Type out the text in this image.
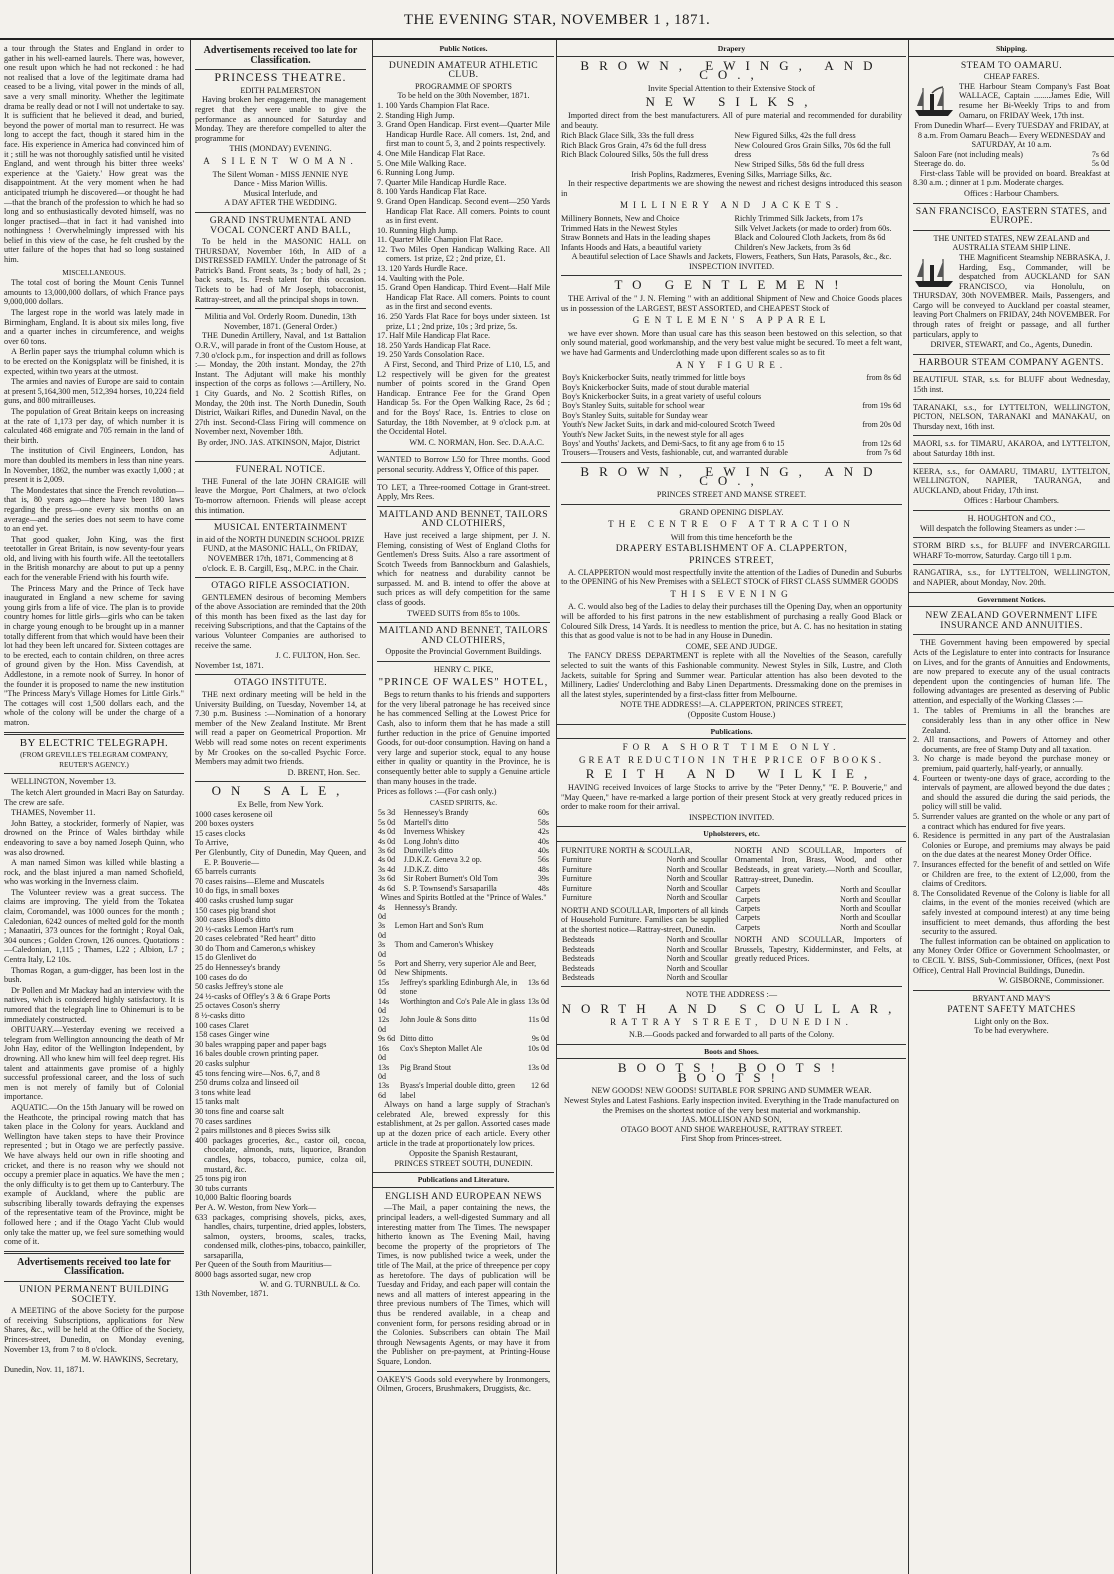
THE EVENING STAR, NOVEMBER 1 , 1871.

a tour through the States and England in order to gather in his well-earned laurels. There was, however, one result upon which he had not reckoned : he had not realised that a love of the legitimate drama had ceased to be a living, vital power in the minds of all, save a very small minority. Whether the legitimate drama be really dead or not I will not undertake to say. It is sufficient that he believed it dead, and buried, beyond the power of mortal man to resurrect. He was long to accept the fact, though it stared him in the face. His experience in America had convinced him of it ; still he was not thoroughly satisfied until he visited England, and went through his bitter three weeks' experience at the 'Gaiety.' How great was the disappointment. At the very moment when he had anticipated triumph he discovered—or thought he had—that the branch of the profession to which he had so long and so enthusiastically devoted himself, was no longer practised—that in fact it had vanished into nothingness ! Overwhelmingly impressed with his belief in this view of the case, he felt crushed by the utter failure of the hopes that had so long sustained him.

MISCELLANEOUS.

The total cost of boring the Mount Cenis Tunnel amounts to 13,000,000 dollars, of which France pays 9,000,000 dollars.

The largest rope in the world was lately made in Birmingham, England. It is about six miles long, five and a quarter inches in circumference, and weighs over 60 tons.

A Berlin paper says the triumphal column which is to be erected on the Konigsplatz will be finished, it is expected, within two years at the utmost.

The armies and navies of Europe are said to contain at present 5,164,300 men, 512,394 horses, 10,224 field guns, and 800 mitrailleuses.

The population of Great Britain keeps on increasing at the rate of 1,173 per day, of which number it is calculated 468 emigrate and 705 remain in the land of their birth.

The institution of Civil Engineers, London, has more than doubled its members in less than nine years. In November, 1862, the number was exactly 1,000 ; at present it is 2,009.

The Mondestates that since the French revolution—that is, 80 years ago—there have been 180 laws regarding the press—one every six months on an average—and the series does not seem to have come to an end yet.

That good quaker, John King, was the first teetotaller in Great Britain, is now seventy-four years old, and living with his fourth wife. All the teetotallers in the British monarchy are about to put up a penny each for the venerable Friend with his fourth wife.

The Princess Mary and the Prince of Teck have inaugurated in England a new scheme for saving young girls from a life of vice. The plan is to provide country homes for little girls—girls who can be taken in charge young enough to be brought up in a manner totally different from that which would have been their lot had they been left uncared for. Sixteen cottages are to be erected, each to contain children, on three acres of ground given by the Hon. Miss Cavendish, at Addlestone, in a remote nook of Surrey. In honor of the founder it is proposed to name the new institution "The Princess Mary's Village Homes for Little Girls." The cottages will cost 1,500 dollars each, and the whole of the colony will be under the charge of a matron.

BY ELECTRIC TELEGRAPH.

(FROM GREVILLE'S TELEGRAM COMPANY, REUTER'S AGENCY.)

WELLINGTON, November 13.

The ketch Alert grounded in Macri Bay on Saturday. The crew are safe.

THAMES, November 11.

John Battey, a stockrider, formerly of Napier, was drowned on the Prince of Wales birthday while endeavoring to save a boy named Joseph Quinn, who was also drowned.

A man named Simon was killed while blasting a rock, and the blast injured a man named Schofield, who was working in the Inverness claim.

The Volunteer review was a great success. The claims are improving. The yield from the Tokatea claim, Coromandel, was 1000 ounces for the month ; Caledonian, 6242 ounces of melted gold for the month ; Manaatiri, 373 ounces for the fortnight ; Royal Oak, 304 ounces ; Golden Crown, 126 ounces. Quotations :—Caledonian, 1,115 ; Thames, L22 ; Albion, L7 ; Centra Italy, L2 10s.

Thomas Rogan, a gum-digger, has been lost in the bush.

Dr Pollen and Mr Mackay had an interview with the natives, which is considered highly satisfactory. It is rumored that the telegraph line to Ohinemuri is to be immediately constructed.

OBITUARY.—Yesterday evening we received a telegram from Wellington announcing the death of Mr John Hay, editor of the Wellington Independent, by drowning. All who knew him will feel deep regret. His talent and attainments gave promise of a highly successful professional career, and the loss of such men is not merely of family but of Colonial importance.

AQUATIC.—On the 15th January will be rowed on the Heathcote, the principal rowing match that has taken place in the Colony for years. Auckland and Wellington have taken steps to have their Province represented ; but in Otago we are perfectly passive. We have always held our own in rifle shooting and cricket, and there is no reason why we should not occupy a premier place in aquatics. We have the men ; the only difficulty is to get them up to Canterbury. The example of Auckland, where the public are subscribing liberally towards defraying the expenses of the representative team of the Province, might be followed here ; and if the Otago Yacht Club would only take the matter up, we feel sure something would come of it.

Advertisements received too late for Classification.

UNION PERMANENT BUILDING SOCIETY.

A MEETING of the above Society for the purpose of receiving Subscriptions, applications for New Shares, &c., will be held at the Office of the Society, Princes-street, Dunedin, on Monday evening, November 13, from 7 to 8 o'clock.

M. W. HAWKINS, Secretary,

Dunedin, Nov. 11, 1871.

Advertisements received too late for Classification.

PRINCESS THEATRE.

EDITH PALMERSTON

Having broken her engagement, the management regret that they were unable to give the performance as announced for Saturday and Monday. They are therefore compelled to alter the programme for

THIS (MONDAY) EVENING.

A SILENT WOMAN.

The Silent Woman - MISS JENNIE NYE

Dance - Miss Marion Willis.

Musical Interlude, and

A DAY AFTER THE WEDDING.

GRAND INSTRUMENTAL AND VOCAL CONCERT AND BALL,

To be held in the MASONIC HALL on THURSDAY, November 16th, In AID of a DISTRESSED FAMILY. Under the patronage of St Patrick's Band. Front seats, 3s ; body of hall, 2s ; back seats, 1s. Fresh talent for this occasion. Tickets to be had of Mr Joseph, tobacconist, Rattray-street, and all the principal shops in town.

Militia and Vol. Orderly Room. Dunedin, 13th November, 1871. (General Order.)

THE Dunedin Artillery, Naval, and 1st Battalion O.R.V., will parade in front of the Custom House, at 7.30 o'clock p.m., for inspection and drill as follows :— Monday, the 20th instant. Monday, the 27th Instant. The Adjutant will make his monthly inspection of the corps as follows :—Artillery, No. 1 City Guards, and No. 2 Scottish Rifles, on Monday, the 20th inst. The North Dunedin, South District, Waikari Rifles, and Dunedin Naval, on the 27th inst. Second-Class Firing will commence on November next, November 18th.

By order, JNO. JAS. ATKINSON, Major, District Adjutant.

FUNERAL NOTICE.

THE Funeral of the late JOHN CRAIGIE will leave the Morgue, Port Chalmers, at two o'clock To-morrow afternoon. Friends will please accept this intimation.

MUSICAL ENTERTAINMENT

in aid of the NORTH DUNEDIN SCHOOL PRIZE FUND, at the MASONIC HALL, On FRIDAY, NOVEMBER 17th, 1871, Commencing at 8 o'clock. E. B. Cargill, Esq., M.P.C. in the Chair.

OTAGO RIFLE ASSOCIATION.

GENTLEMEN desirous of becoming Members of the above Association are reminded that the 20th of this month has been fixed as the last day for receiving Subscriptions, and that the Captains of the various Volunteer Companies are authorised to receive the same.

J. C. FULTON, Hon. Sec.

November 1st, 1871.

OTAGO INSTITUTE.

THE next ordinary meeting will be held in the University Building, on Tuesday, November 14, at 7.30 p.m. Business :—Nomination of a honorary member of the New Zealand Institute. Mr Brent will read a paper on Geometrical Proportion. Mr Webb will read some notes on recent experiments by Mr Crookes on the so-called Psychic Force. Members may admit two friends.

D. BRENT, Hon. Sec.

ON SALE,

Ex Belle, from New York.

1000 cases kerosene oil

200 boxes oysters

15 cases clocks

To Arrive,

Per Glenbuntly, City of Dunedin, May Queen, and E. P. Bouverie—

65 barrels currants

70 cases raisins—Eleme and Muscatels

10 do figs, in small boxes

400 casks crushed lump sugar

150 cases pig brand shot

300 cases Blood's ditto

20 ½-casks Lemon Hart's rum

20 cases celebrated "Red heart" ditto

30 do Thom and Cameron,s whiskey

15 do Glenlivet do

25 do Hennessey's brandy

100 cases do do

50 casks Jeffrey's stone ale

24 ½-casks of Offley's 3 & 6 Grape Ports

25 octaves Coson's sherry

8 ½-casks ditto

100 cases Claret

158 cases Ginger wine

30 bales wrapping paper and paper bags

16 bales double crown printing paper.

20 casks sulphur

45 tons fencing wire—Nos. 6,7, and 8

250 drums colza and linseed oil

3 tons white lead

15 tanks malt

30 tons fine and coarse salt

70 cases sardines

2 pairs millstones and 8 pieces Swiss silk

400 packages groceries, &c., castor oil, cocoa, chocolate, almonds, nuts, liquorice, Brandon candles, hops, tobacco, pumice, colza oil, mustard, &c.

25 tons pig iron

30 tubs currants

10,000 Baltic flooring boards

Per A. W. Weston, from New York—

633 packages, comprising shovels, picks, axes, handles, chairs, turpentine, dried apples, lobsters, salmon, oysters, brooms, scales, tracks, condensed milk, clothes-pins, tobacco, painkiller, sarsaparilla,

Per Queen of the South from Mauritius—

8000 bags assorted sugar, new crop

W. and G. TURNBULL & Co.

13th November, 1871.

Public Notices.

DUNEDIN AMATEUR ATHLETIC CLUB.

PROGRAMME OF SPORTS

To be held on the 30th November, 1871.

1. 100 Yards Champion Flat Race.

2. Standing High Jump.

3. Grand Open Handicap. First event—Quarter Mile Handicap Hurdle Race. All comers. 1st, 2nd, and first man to count 5, 3, and 2 points respectively.

4. One Mile Handicap Flat Race.

5. One Mile Walking Race.

6. Running Long Jump.

7. Quarter Mile Handicap Hurdle Race.

8. 100 Yards Handicap Flat Race.

9. Grand Open Handicap. Second event—250 Yards Handicap Flat Race. All comers. Points to count as in first event.

10. Running High Jump.

11. Quarter Mile Champion Flat Race.

12. Two Miles Open Handicap Walking Race. All comers. 1st prize, £2 ; 2nd prize, £1.

13. 120 Yards Hurdle Race.

14. Vaulting with the Pole.

15. Grand Open Handicap. Third Event—Half Mile Handicap Flat Race. All comers. Points to count as in the first and second events.

16. 250 Yards Flat Race for boys under sixteen. 1st prize, L1 ; 2nd prize, 10s ; 3rd prize, 5s.

17. Half Mile Handicap Flat Race.

18. 250 Yards Handicap Flat Race.

19. 250 Yards Consolation Race.

A First, Second, and Third Prize of L10, L5, and L2 respectively will be given for the greatest number of points scored in the Grand Open Handicap. Entrance Fee for the Grand Open Handicap 5s. For the Open Walking Race, 2s 6d ; and for the Boys' Race, 1s. Entries to close on Saturday, the 18th November, at 9 o'clock p.m. at the Occidental Hotel.

WM. C. NORMAN, Hon. Sec. D.A.A.C.

WANTED to Borrow L50 for Three months. Good personal security. Address Y, Office of this paper.

TO LET, a Three-roomed Cottage in Grant-street. Apply, Mrs Rees.

MAITLAND AND BENNET, TAILORS AND CLOTHIERS,

Have just received a large shipment, per J. N. Fleming, consisting of West of England Cloths for Gentlemen's Dress Suits. Also a rare assortment of Scotch Tweeds from Bannockburn and Galashiels, which for neatness and durability cannot be surpassed. M. and B. intend to offer the above at such prices as will defy competition for the same class of goods.

TWEED SUITS from 85s to 100s.

MAITLAND AND BENNET, TAILORS AND CLOTHIERS,

Opposite the Provincial Government Buildings.

HENRY C. PIKE,

"PRINCE OF WALES" HOTEL,

Begs to return thanks to his friends and supporters for the very liberal patronage he has received since he has commenced Selling at the Lowest Price for Cash, also to inform them that he has made a still further reduction in the price of Genuine imported Goods, for out-door consumption. Having on hand a very large and superior stock, equal to any house either in quality or quantity in the Province, he is consequently better able to supply a Genuine article than many houses in the trade.

Prices as follows :—(For cash only.)

CASED SPIRITS, &c.

5s 3d	Hennessey's Brandy	60s
5s 0d	Martell's ditto	58s
4s 0d	Inverness Whiskey	42s
4s 0d	Long John's ditto	40s
3s 6d	Dunville's ditto	40s
4s 0d	J.D.K.Z. Geneva 3.2 op.	56s
3s 4d	J.D.K.Z. ditto	48s
3s 6d	Sir Robert Burnett's Old Tom	39s
4s 6d	S. P. Townsend's Sarsaparilla	48s

Wines and Spirits Bottled at the "Prince of Wales."

4s 0d	Hennessy's Brandy.	
3s 0d	Lemon Hart and Son's Rum	
3s 0d	Thom and Cameron's Whiskey	
5s 0d	Port and Sherry, very superior Ale and Beer, New Shipments.	
15s 0d	Jeffrey's sparkling Edinburgh Ale, in stone	13s 6d
14s 0d	Worthington and Co's Pale Ale in glass	13s 0d
12s 0d	John Joule & Sons ditto	11s 0d
9s 6d	Ditto ditto	9s 0d
16s 0d	Cox's Shepton Mallet Ale	10s 0d
13s 0d	Pig Brand Stout	13s 0d
13s 6d	Byass's Imperial double ditto, green label	12 6d

Always on hand a large supply of Strachan's celebrated Ale, brewed expressly for this establishment, at 2s per gallon. Assorted cases made up at the dozen price of each article. Every other article in the trade at proportionately low prices.

Opposite the Spanish Restaurant,

PRINCES STREET SOUTH, DUNEDIN.

Publications and Literature.

ENGLISH AND EUROPEAN NEWS

—The Mail, a paper containing the news, the principal leaders, a well-digested Summary and all interesting matter from The Times. The newspaper hitherto known as The Evening Mail, having become the property of the proprietors of The Times, is now published twice a week, under the title of The Mail, at the price of threepence per copy as heretofore. The days of publication will be Tuesday and Friday, and each paper will contain the news and all matters of interest appearing in the three previous numbers of The Times, which will thus be rendered available, in a cheap and convenient form, for persons residing abroad or in the Colonies. Subscribers can obtain The Mail through Newsagents Agents, or may have it from the Publisher on pre-payment, at Printing-House Square, London.

OAKEY'S Goods sold everywhere by Ironmongers, Oilmen, Grocers, Brushmakers, Druggists, &c.

Drapery

BROWN, EWING, AND CO.,

Invite Special Attention to their Extensive Stock of

NEW SILKS,

Imported direct from the best manufacturers. All of pure material and recommended for durability and beauty.

Rich Black Glace Silk, 33s the full dress

Rich Black Gros Grain, 47s 6d the full dress

Rich Black Coloured Silks, 50s the full dress

New Figured Silks, 42s the full dress

New Coloured Gros Grain Silks, 70s 6d the full dress

New Striped Silks, 58s 6d the full dress

Irish Poplins, Radzmeres, Evening Silks, Marriage Silks, &c.

In their respective departments we are showing the newest and richest designs introduced this season in

MILLINERY AND JACKETS.

Millinery Bonnets, New and Choice

Trimmed Hats in the Newest Styles

Straw Bonnets and Hats in the leading shapes

Infants Hoods and Hats, a beautiful variety

Richly Trimmed Silk Jackets, from 17s

Silk Velvet Jackets (or made to order) from 60s.

Black and Coloured Cloth Jackets, from 8s 6d

Children's New Jackets, from 3s 6d

A beautiful selection of Lace Shawls and Jackets, Flowers, Feathers, Sun Hats, Parasols, &c., &c.

INSPECTION INVITED.

TO GENTLEMEN!

THE Arrival of the " J. N. Fleming " with an additional Shipment of New and Choice Goods places us in possession of the LARGEST, BEST ASSORTED, and CHEAPEST Stock of

GENTLEMEN'S APPAREL

we have ever shown. More than usual care has this season been bestowed on this selection, so that only sound material, good workmanship, and the very best value might be secured. To meet a felt want, we have had Garments and Underclothing made upon different scales so as to fit

ANY FIGURE.

Boy's Knickerbocker Suits, neatly trimmed for little boys	from 8s 6d
Boy's Knickerbocker Suits, made of stout durable material	
Boy's Knickerbocker Suits, in a great variety of useful colours	
Boy's Stanley Suits, suitable for school wear	from 19s 6d
Boy's Stanley Suits, suitable for Sunday wear	
Youth's New Jacket Suits, in dark and mid-coloured Scotch Tweed	from 20s 0d
Youth's New Jacket Suits, in the newest style for all ages	
Boys' and Youths' Jackets, and Demi-Sacs, to fit any age from 6 to 15	from 12s 6d
Trousers—Trousers and Vests, fashionable, cut, and warranted durable	from 7s 6d

BROWN, EWING, AND CO.,

PRINCES STREET AND MANSE STREET.

GRAND OPENING DISPLAY.

THE CENTRE OF ATTRACTION

Will from this time henceforth be the

DRAPERY ESTABLISHMENT OF A. CLAPPERTON,

PRINCES STREET,

A. CLAPPERTON would most respectfully invite the attention of the Ladies of Dunedin and Suburbs to the OPENING of his New Premises with a SELECT STOCK of FIRST CLASS SUMMER GOODS

THIS EVENING

A. C. would also beg of the Ladies to delay their purchases till the Opening Day, when an opportunity will be afforded to his first patrons in the new establishment of purchasing a really Good Black or Coloured Silk Dress, 14 Yards. It is needless to mention the price, but A. C. has no hesitation in stating this that as good value is not to be had in any House in Dunedin.

COME, SEE AND JUDGE.

The FANCY DRESS DEPARTMENT is replete with all the Novelties of the Season, carefully selected to suit the wants of this Fashionable community. Newest Styles in Silk, Lustre, and Cloth Jackets, suitable for Spring and Summer wear. Particular attention has also been devoted to the Millinery, Ladies' Underclothing and Baby Linen Departments. Dressmaking done on the premises in all the latest styles, superintended by a first-class fitter from Melbourne.

NOTE THE ADDRESS!—A. CLAPPERTON, PRINCES STREET,

(Opposite Custom House.)

Publications.

FOR A SHORT TIME ONLY.

GREAT REDUCTION IN THE PRICE OF BOOKS.

REITH AND WILKIE,

HAVING received Invoices of large Stocks to arrive by the "Peter Denny," "E. P. Bouverie," and "May Queen," have re-marked a large portion of their present Stock at very greatly reduced prices in order to make room for their arrival.

INSPECTION INVITED.

Upholsterers, etc.

FURNITURE NORTH & SCOULLAR,

Furniture	North and Scoullar
Furniture	North and Scoullar
Furniture	North and Scoullar
Furniture	North and Scoullar
Furniture	North and Scoullar

NORTH AND SCOULLAR, Importers of all kinds of Household Furniture. Families can be supplied at the shortest notice—Rattray-street, Dunedin.

Bedsteads	North and Scoullar
Bedsteads	North and Scoullar
Bedsteads	North and Scoullar
Bedsteads	North and Scoullar
Bedsteads	North and Scoullar

NORTH AND SCOULLAR, Importers of Ornamental Iron, Brass, Wood, and other Bedsteads, in great variety.—North and Scoullar, Rattray-street, Dunedin.

Carpets	North and Scoullar
Carpets	North and Scoullar
Carpets	North and Scoullar
Carpets	North and Scoullar
Carpets	North and Scoullar

NORTH AND SCOULLAR, Importers of Brussels, Tapestry, Kidderminster, and Felts, at greatly reduced Prices.

NOTE THE ADDRESS :—

NORTH AND SCOULLAR,

RATTRAY STREET, DUNEDIN.

N.B.—Goods packed and forwarded to all parts of the Colony.

Boots and Shoes.

BOOTS! BOOTS! BOOTS!

NEW GOODS! NEW GOODS! SUITABLE FOR SPRING AND SUMMER WEAR.

Newest Styles and Latest Fashions. Early inspection invited. Everything in the Trade manufactured on the Premises on the shortest notice of the very best material and workmanship.

JAS. MOLLISON AND SON,

OTAGO BOOT AND SHOE WAREHOUSE, RATTRAY STREET.

First Shop from Princes-street.

Shipping.

STEAM TO OAMARU.

CHEAP FARES.

THE Harbour Steam Company's Fast Boat WALLACE, Captain ........James Edie, Will resume her Bi-Weekly Trips to and from Oamaru, on FRIDAY Week, 17th inst.

From Dunedin Wharf— Every TUESDAY and FRIDAY, at 8 a.m. From Oamaru Beach— Every WEDNESDAY and SATURDAY, At 10 a.m.

Saloon Fare (not including meals)	7s 6d
Steerage do. do.	5s 0d

First-class Table will be provided on board. Breakfast at 8.30 a.m. ; dinner at 1 p.m. Moderate charges.

Offices : Harbour Chambers.

SAN FRANCISCO, EASTERN STATES, and EUROPE.

THE UNITED STATES, NEW ZEALAND and AUSTRALIA STEAM SHIP LINE.

THE Magnificent Steamship NEBRASKA, J. Harding, Esq., Commander, will be despatched from AUCKLAND for SAN FRANCISCO, via Honolulu, on THURSDAY, 30th NOVEMBER. Mails, Passengers, and Cargo will be conveyed to Auckland per coastal steamer, leaving Port Chalmers on FRIDAY, 24th NOVEMBER. For through rates of freight or passage, and all further particulars, apply to

DRIVER, STEWART, and Co., Agents, Dunedin.

HARBOUR STEAM COMPANY AGENTS.

BEAUTIFUL STAR, s.s. for BLUFF about Wednesday, 15th inst.

TARANAKI, s.s., for LYTTELTON, WELLINGTON, PICTON, NELSON, TARANAKI and MANAKAU, on Thursday next, 16th inst.

MAORI, s.s. for TIMARU, AKAROA, and LYTTELTON, about Saturday 18th inst.

KEERA, s.s., for OAMARU, TIMARU, LYTTELTON, WELLINGTON, NAPIER, TAURANGA, and AUCKLAND, about Friday, 17th inst.

Offices : Harbour Chambers.

H. HOUGHTON and CO.,

Will despatch the following Steamers as under :—

STORM BIRD s.s., for BLUFF and INVERCARGILL WHARF To-morrow, Saturday. Cargo till 1 p.m.

RANGATIRA, s.s., for LYTTELTON, WELLINGTON, and NAPIER, about Monday, Nov. 20th.

Government Notices.

NEW ZEALAND GOVERNMENT LIFE INSURANCE AND ANNUITIES.

THE Government having been empowered by special Acts of the Legislature to enter into contracts for Insurance on Lives, and for the grants of Annuities and Endowments, are now prepared to execute any of the usual contracts dependent upon the contingencies of human life. The following advantages are presented as deserving of Public attention, and especially of the Working Classes :—

1. The tables of Premiums in all the branches are considerably less than in any other office in New Zealand.

2. All transactions, and Powers of Attorney and other documents, are free of Stamp Duty and all taxation.

3. No charge is made beyond the purchase money or premium, paid quarterly, half-yearly, or annually.

4. Fourteen or twenty-one days of grace, according to the intervals of payment, are allowed beyond the due dates ; and should the assured die during the said periods, the policy will still be valid.

5. Surrender values are granted on the whole or any part of a contract which has endured for five years.

6. Residence is permitted in any part of the Australasian Colonies or Europe, and premiums may always be paid on the due dates at the nearest Money Order Office.

7. Insurances effected for the benefit of and settled on Wife or Children are free, to the extent of L2,000, from the claims of Creditors.

8. The Consolidated Revenue of the Colony is liable for all claims, in the event of the monies received (which are safely invested at compound interest) at any time being insufficient to meet demands, thus affording the best security to the assured.

The fullest information can be obtained on application to any Money Order Office or Government Schoolmaster, or to CECIL Y. BISS, Sub-Commissioner, Offices, (next Post Office), Central Hall Provincial Buildings, Dunedin.

W. GISBORNE, Commissioner.

BRYANT AND MAY'S

PATENT SAFETY MATCHES

Light only on the Box.

To be had everywhere.
